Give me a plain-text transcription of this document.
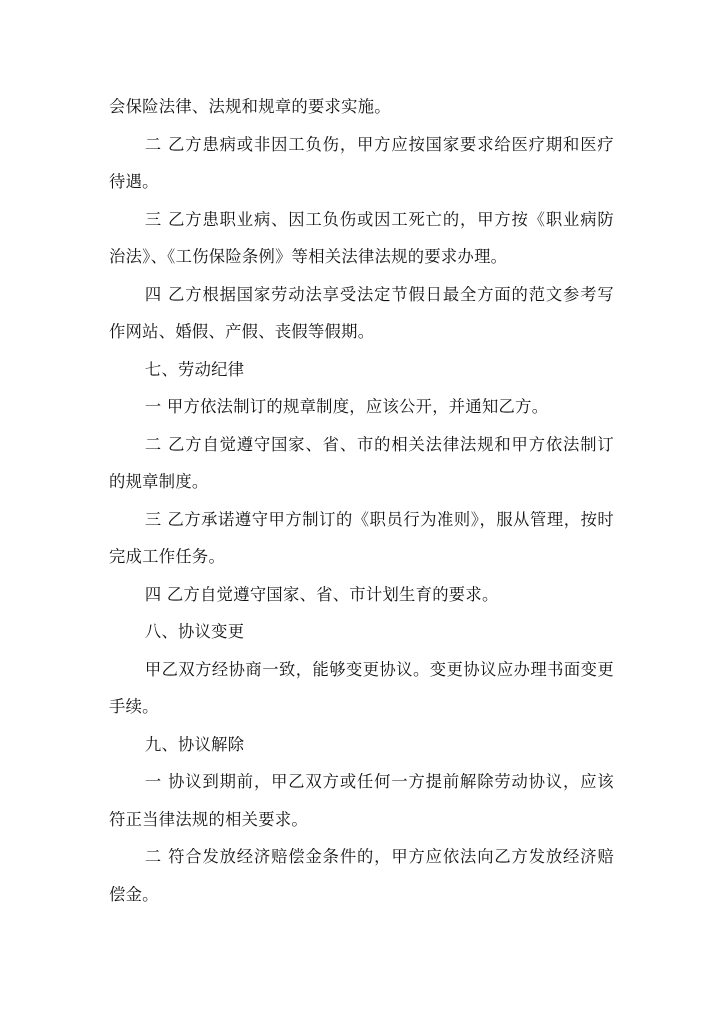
会保险法律、法规和规章的要求实施。

二 乙方患病或非因工负伤，甲方应按国家要求给医疗期和医疗待遇。

三 乙方患职业病、因工负伤或因工死亡的，甲方按《职业病防治法》、《工伤保险条例》等相关法律法规的要求办理。

四 乙方根据国家劳动法享受法定节假日最全方面的范文参考写作网站、婚假、产假、丧假等假期。

七、劳动纪律

一 甲方依法制订的规章制度，应该公开，并通知乙方。

二 乙方自觉遵守国家、省、市的相关法律法规和甲方依法制订的规章制度。

三 乙方承诺遵守甲方制订的《职员行为准则》，服从管理，按时完成工作任务。

四 乙方自觉遵守国家、省、市计划生育的要求。

八、协议变更

甲乙双方经协商一致，能够变更协议。变更协议应办理书面变更手续。

九、协议解除

一 协议到期前，甲乙双方或任何一方提前解除劳动协议，应该符正当律法规的相关要求。

二 符合发放经济赔偿金条件的，甲方应依法向乙方发放经济赔偿金。
